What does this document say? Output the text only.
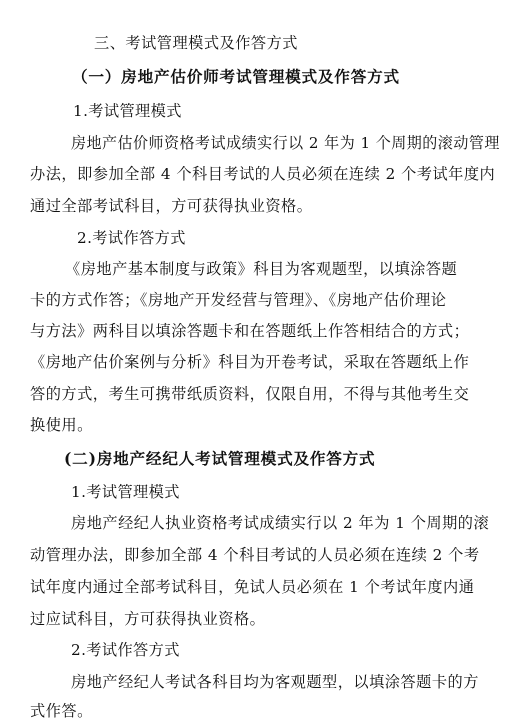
三、考试管理模式及作答方式
（一）房地产估价师考试管理模式及作答方式
1.考试管理模式
房地产估价师资格考试成绩实行以 2 年为 1 个周期的滚动管理
办法，即参加全部 4 个科目考试的人员必须在连续 2 个考试年度内
通过全部考试科目，方可获得执业资格。
2.考试作答方式
《房地产基本制度与政策》科目为客观题型，以填涂答题
卡的方式作答；《房地产开发经营与管理》、《房地产估价理论
与方法》两科目以填涂答题卡和在答题纸上作答相结合的方式；
《房地产估价案例与分析》科目为开卷考试，采取在答题纸上作
答的方式，考生可携带纸质资料，仅限自用，不得与其他考生交
换使用。
(二)房地产经纪人考试管理模式及作答方式
1.考试管理模式
房地产经纪人执业资格考试成绩实行以 2 年为 1 个周期的滚
动管理办法，即参加全部 4 个科目考试的人员必须在连续 2 个考
试年度内通过全部考试科目，免试人员必须在 1 个考试年度内通
过应试科目，方可获得执业资格。
2.考试作答方式
房地产经纪人考试各科目均为客观题型，以填涂答题卡的方
式作答。
